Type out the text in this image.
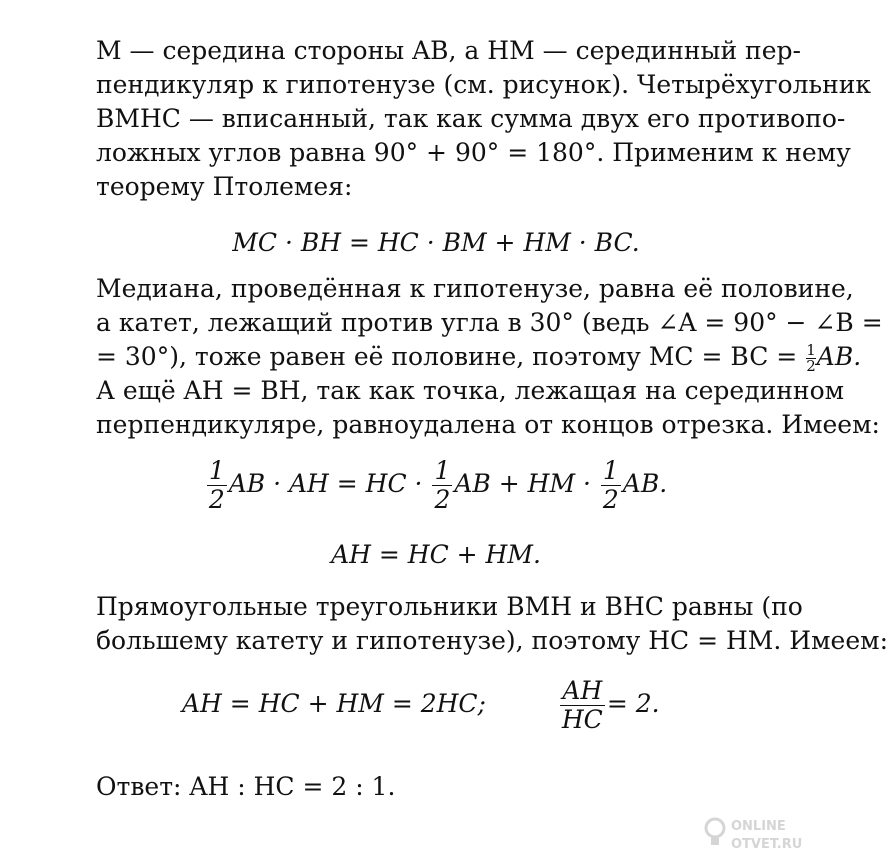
M — середина стороны AB, а HM — серединный пер-
пендикуляр к гипотенузе (см. рисунок). Четырёхугольник
BMHC — вписанный, так как сумма двух его противопо-
ложных углов равна 90° + 90° = 180°. Применим к нему
теорему Птолемея:
MC · BH = HC · BM + HM · BC.
Медиана, проведённая к гипотенузе, равна её половине,
а катет, лежащий против угла в 30° (ведь ∠A = 90° − ∠B =
= 30°), тоже равен её половине, поэтому MC = BC = $\frac{1}{2}$ AB.
А ещё AH = BH, так как точка, лежащая на серединном
перпендикуляре, равноудалена от концов отрезка. Имеем:
$\frac{1}{2}$ AB · AH = HC · $\frac{1}{2}$ AB + HM · $\frac{1}{2}$ AB.
AH = HC + HM.
Прямоугольные треугольники BMH и BHC равны (по
большему катету и гипотенузе), поэтому HC = HM. Имеем:
AH = HC + HM = 2HC;	$\frac{AH}{HC} = 2$.
Ответ: AH : HC = 2 : 1.
ONLINE
OTVET.RU
